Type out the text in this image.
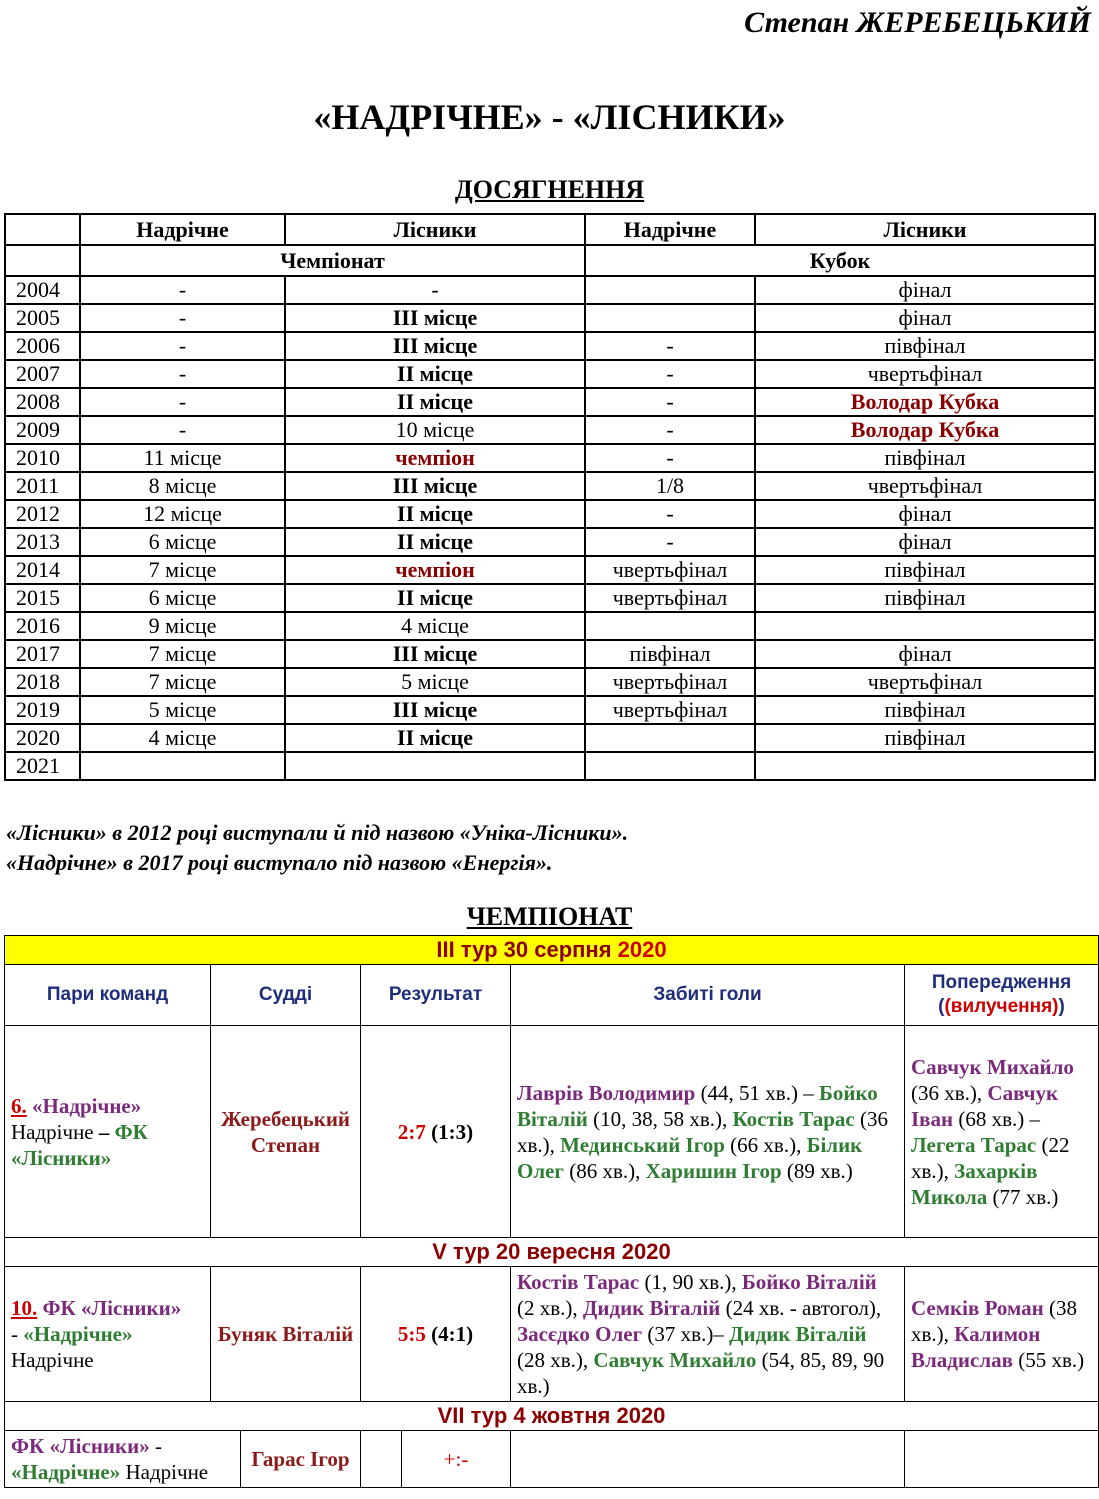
Степан ЖЕРЕБЕЦЬКИЙ
«НАДРІЧНЕ» - «ЛІСНИКИ»
ДОСЯГНЕННЯ
	Надрічне	Лісники	Надрічне	Лісники
	Чемпіонат		Кубок	
2004	-	-		фінал
2005	-	ІІІ місце		фінал
2006	-	ІІІ місце	-	півфінал
2007	-	ІІ місце	-	чвертьфінал
2008	-	ІІ місце	-	Володар Кубка
2009	-	10 місце	-	Володар Кубка
2010	11 місце	чемпіон	-	півфінал
2011	8 місце	ІІІ місце	1/8	чвертьфінал
2012	12 місце	ІІ місце	-	фінал
2013	6 місце	ІІ місце	-	фінал
2014	7 місце	чемпіон	чвертьфінал	півфінал
2015	6 місце	ІІ місце	чвертьфінал	півфінал
2016	9 місце	4 місце		
2017	7 місце	ІІІ місце	півфінал	фінал
2018	7 місце	5 місце	чвертьфінал	чвертьфінал
2019	5 місце	ІІІ місце	чвертьфінал	півфінал
2020	4 місце	ІІ місце		півфінал
2021				
«Лісники» в 2012 році виступали й під назвою «Уніка-Лісники».
«Надрічне» в 2017 році виступало під назвою «Енергія».
ЧЕМПІОНАТ
ІІІ тур 30 серпня 2020				
Пари команд	Судді	Результат	Забиті голи	Попередження
((вилучення))

6. «Надрічне»
Надрічне – ФК «Лісники»	Жеребецький Степан	2:7 (1:3)	Лаврів Володимир (44, 51 хв.) – Бойко Віталій (10, 38, 58 хв.), Костів Тарас (36 хв.), Мединський Ігор (66 хв.), Білик Олег (86 хв.), Харишин Ігор (89 хв.)	Савчук Михайло (36 хв.), Савчук Іван (68 хв.) – Легета Тарас (22 хв.), Захарків Микола (77 хв.)
V тур 20 вересня 2020				

10. ФК «Лісники»
- «Надрічне»
Надрічне	Буняк Віталій	5:5 (4:1)	Костів Тарас (1, 90 хв.), Бойко Віталій (2 хв.), Дидик Віталій (24 хв. - автогол), Засєдко Олег (37 хв.)– Дидик Віталій (28 хв.), Савчук Михайло (54, 85, 89, 90 хв.)	Семків Роман (38 хв.), Калимон Владислав (55 хв.)
VII тур 4 жовтня 2020				

ФК «Лісники» -
«Надрічне» Надрічне
Гарас Ігор		+:-		
